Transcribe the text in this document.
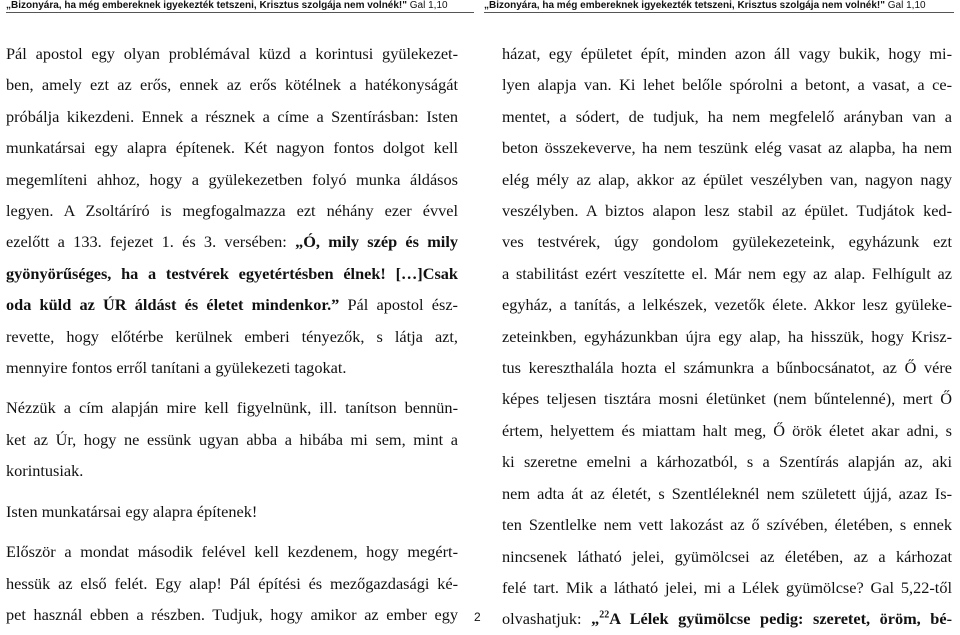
„Bizonyára, ha még embereknek igyekezték tetszeni, Krisztus szolgája nem volnék!" Gal 1,10	„Bizonyára, ha még embereknek igyekezték tetszeni, Krisztus szolgája nem volnék!" Gal 1,10
Pál apostol egy olyan problémával küzd a korintusi gyülekezet-
ben, amely ezt az erős, ennek az erős kötélnek a hatékonyságát
próbálja kikezdeni. Ennek a résznek a címe a Szentírásban: Isten
munkatársai egy alapra építenek. Két nagyon fontos dolgot kell
megemlíteni ahhoz, hogy a gyülekezetben folyó munka áldásos
legyen. A Zsoltáríró is megfogalmazza ezt néhány ezer évvel
ezelőtt a 133. fejezet 1. és 3. versében: „Ó, mily szép és mily
gyönyörűséges, ha a testvérek egyetértésben élnek! […]Csak
oda küld az ÚR áldást és életet mindenkor.” Pál apostol ész-
revette, hogy előtérbe kerülnek emberi tényezők, s látja azt,
mennyire fontos erről tanítani a gyülekezeti tagokat.
Nézzük a cím alapján mire kell figyelnünk, ill. tanítson bennün-
ket az Úr, hogy ne essünk ugyan abba a hibába mi sem, mint a
korintusiak.
Isten munkatársai egy alapra építenek!
Először a mondat második felével kell kezdenem, hogy megért-
hessük az első felét. Egy alap! Pál építési és mezőgazdasági ké-
pet használ ebben a részben. Tudjuk, hogy amikor az ember egy
házat, egy épületet épít, minden azon áll vagy bukik, hogy mi-
lyen alapja van. Ki lehet belőle spórolni a betont, a vasat, a ce-
mentet, a sódert, de tudjuk, ha nem megfelelő arányban van a
beton összekeverve, ha nem teszünk elég vasat az alapba, ha nem
elég mély az alap, akkor az épület veszélyben van, nagyon nagy
veszélyben. A biztos alapon lesz stabil az épület. Tudjátok ked-
ves testvérek, úgy gondolom gyülekezeteink, egyházunk ezt
a stabilitást ezért veszítette el. Már nem egy az alap. Felhígult az
egyház, a tanítás, a lelkészek, vezetők élete. Akkor lesz gyüleke-
zeteinkben, egyházunkban újra egy alap, ha hisszük, hogy Krisz-
tus kereszthalála hozta el számunkra a bűnbocsánatot, az Ő vére
képes teljesen tisztára mosni életünket (nem bűntelenné), mert Ő
értem, helyettem és miattam halt meg, Ő örök életet akar adni, s
ki szeretne emelni a kárhozatból, s a Szentírás alapján az, aki
nem adta át az életét, s Szentléleknél nem született újjá, azaz Is-
ten Szentlelke nem vett lakozást az ő szívében, életében, s ennek
nincsenek látható jelei, gyümölcsei az életében, az a kárhozat
felé tart. Mik a látható jelei, mi a Lélek gyümölcse? Gal 5,22-től
olvashatjuk: „$^{22}$A Lélek gyümölcse pedig: szeretet, öröm, bé-
2
